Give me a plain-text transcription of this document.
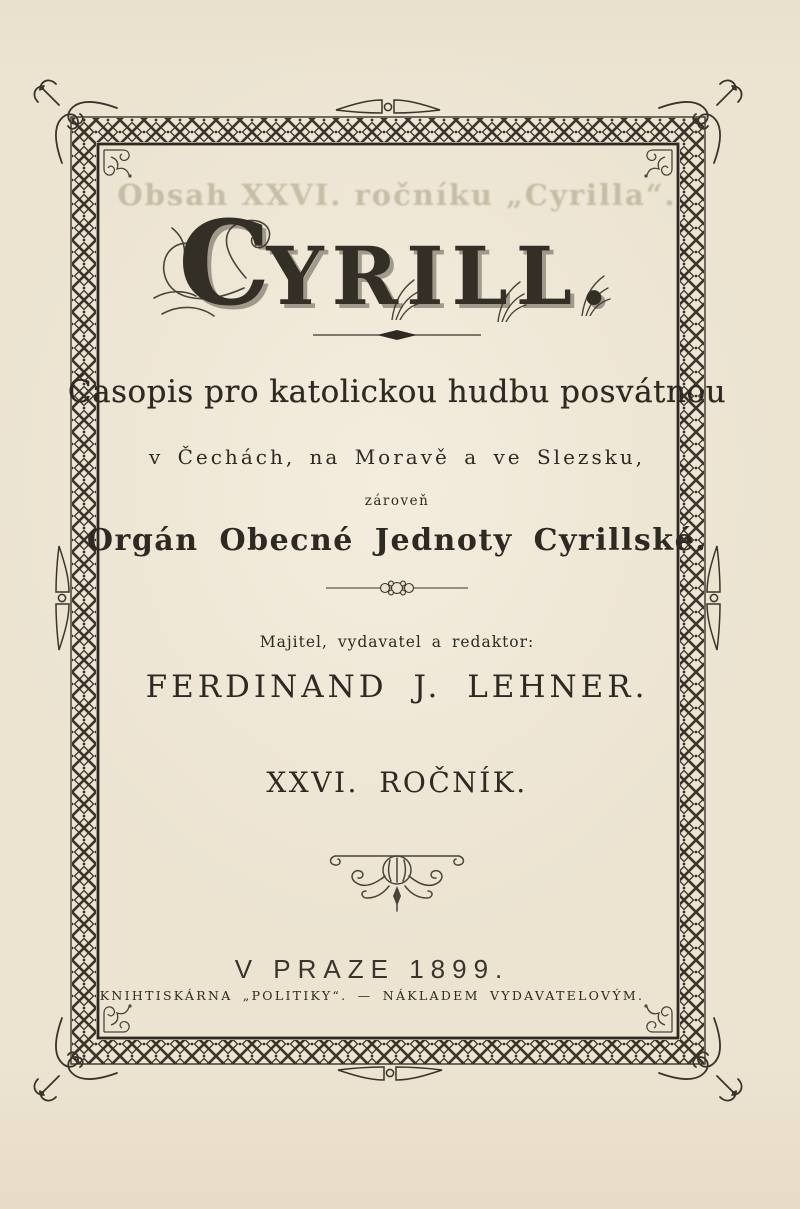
Obsah XXVI. ročníku „Cyrilla“.
C
YRILL.
Časopis pro katolickou hudbu posvátnou
v Čechách, na Moravě a ve Slezsku,
zároveň
Orgán Obecné Jednoty Cyrillské.
Majitel, vydavatel a redaktor:
FERDINAND J. LEHNER.
XXVI. ROČNÍK.
V PRAZE 1899.
KNIHTISKÁRNA „POLITIKY“. — NÁKLADEM VYDAVATELOVÝM.
